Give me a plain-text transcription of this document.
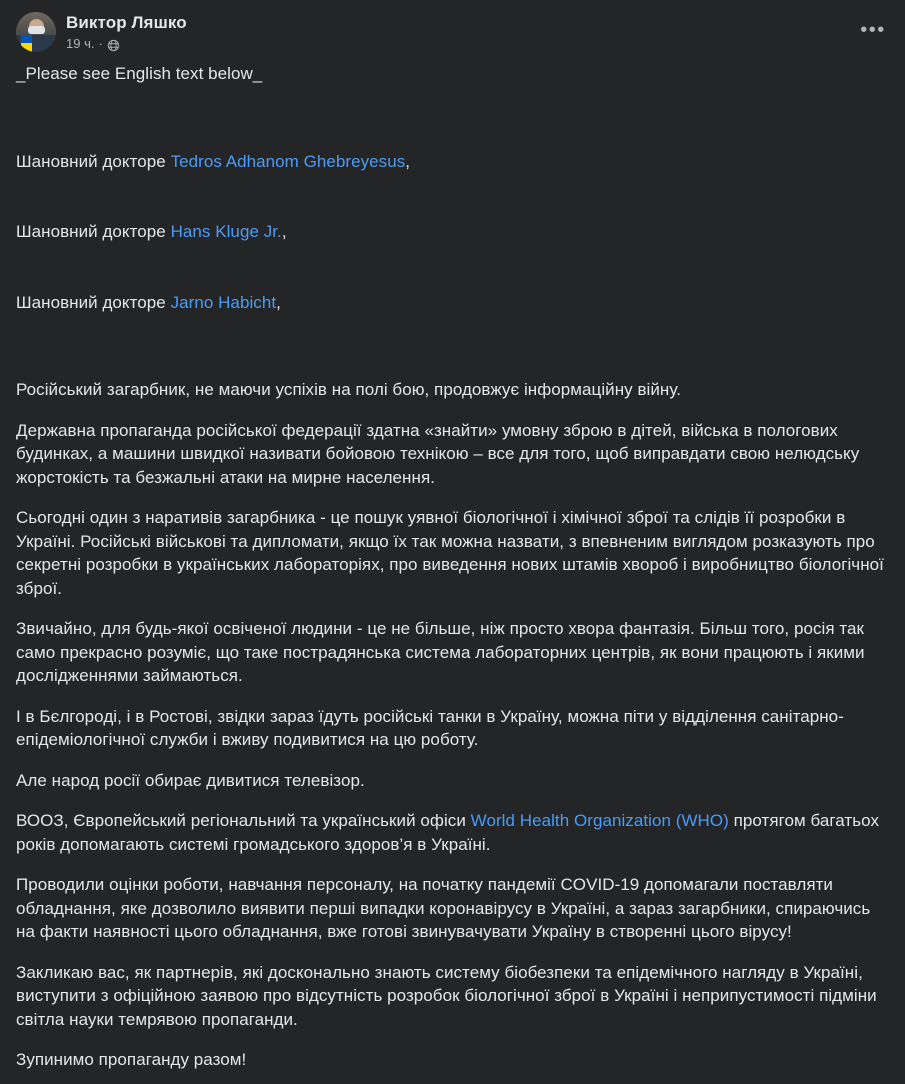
Виктор Ляшко
19 ч. ·
•••

_Please see English text below_

Шановний докторе Tedros Adhanom Ghebreyesus,

Шановний докторе Hans Kluge Jr.,

Шановний докторе Jarno Habicht,

Російський загарбник, не маючи успіхів на полі бою, продовжує інформаційну війну.

Державна пропаганда російської федерації здатна «знайти» умовну зброю в дітей, війська в пологових будинках, а машини швидкої називати бойовою технікою – все для того, щоб виправдати свою нелюдську жорстокість та безжальні атаки на мирне населення.

Сьогодні один з наративів загарбника - це пошук уявної біологічної і хімічної зброї та слідів її розробки в Україні. Російські військові та дипломати, якщо їх так можна назвати, з впевненим виглядом розказують про секретні розробки в українських лабораторіях, про виведення нових штамів хвороб і виробництво біологічної зброї.

Звичайно, для будь-якої освіченої людини - це не більше, ніж просто хвора фантазія. Більш того, росія так само прекрасно розуміє, що таке пострадянська система лабораторних центрів, як вони працюють і якими дослідженнями займаються.

І в Бєлгороді, і в Ростові, звідки зараз їдуть російські танки в Україну, можна піти у відділення санітарно-епідеміологічної служби і вживу подивитися на цю роботу.

Але народ росії обирає дивитися телевізор.

ВООЗ, Європейський регіональний та український офіси World Health Organization (WHO) протягом багатьох років допомагають системі громадського здоров’я в Україні.

Проводили оцінки роботи, навчання персоналу, на початку пандемії COVID-19 допомагали поставляти обладнання, яке дозволило виявити перші випадки коронавірусу в Україні, а зараз загарбники, спираючись на факти наявності цього обладнання, вже готові звинувачувати Україну в створенні цього вірусу!

Закликаю вас, як партнерів, які досконально знають систему біобезпеки та епідемічного нагляду в Україні, виступити з офіційною заявою про відсутність розробок біологічної зброї в Україні і неприпустимості підміни світла науки темрявою пропаганди.

Зупинимо пропаганду разом!
